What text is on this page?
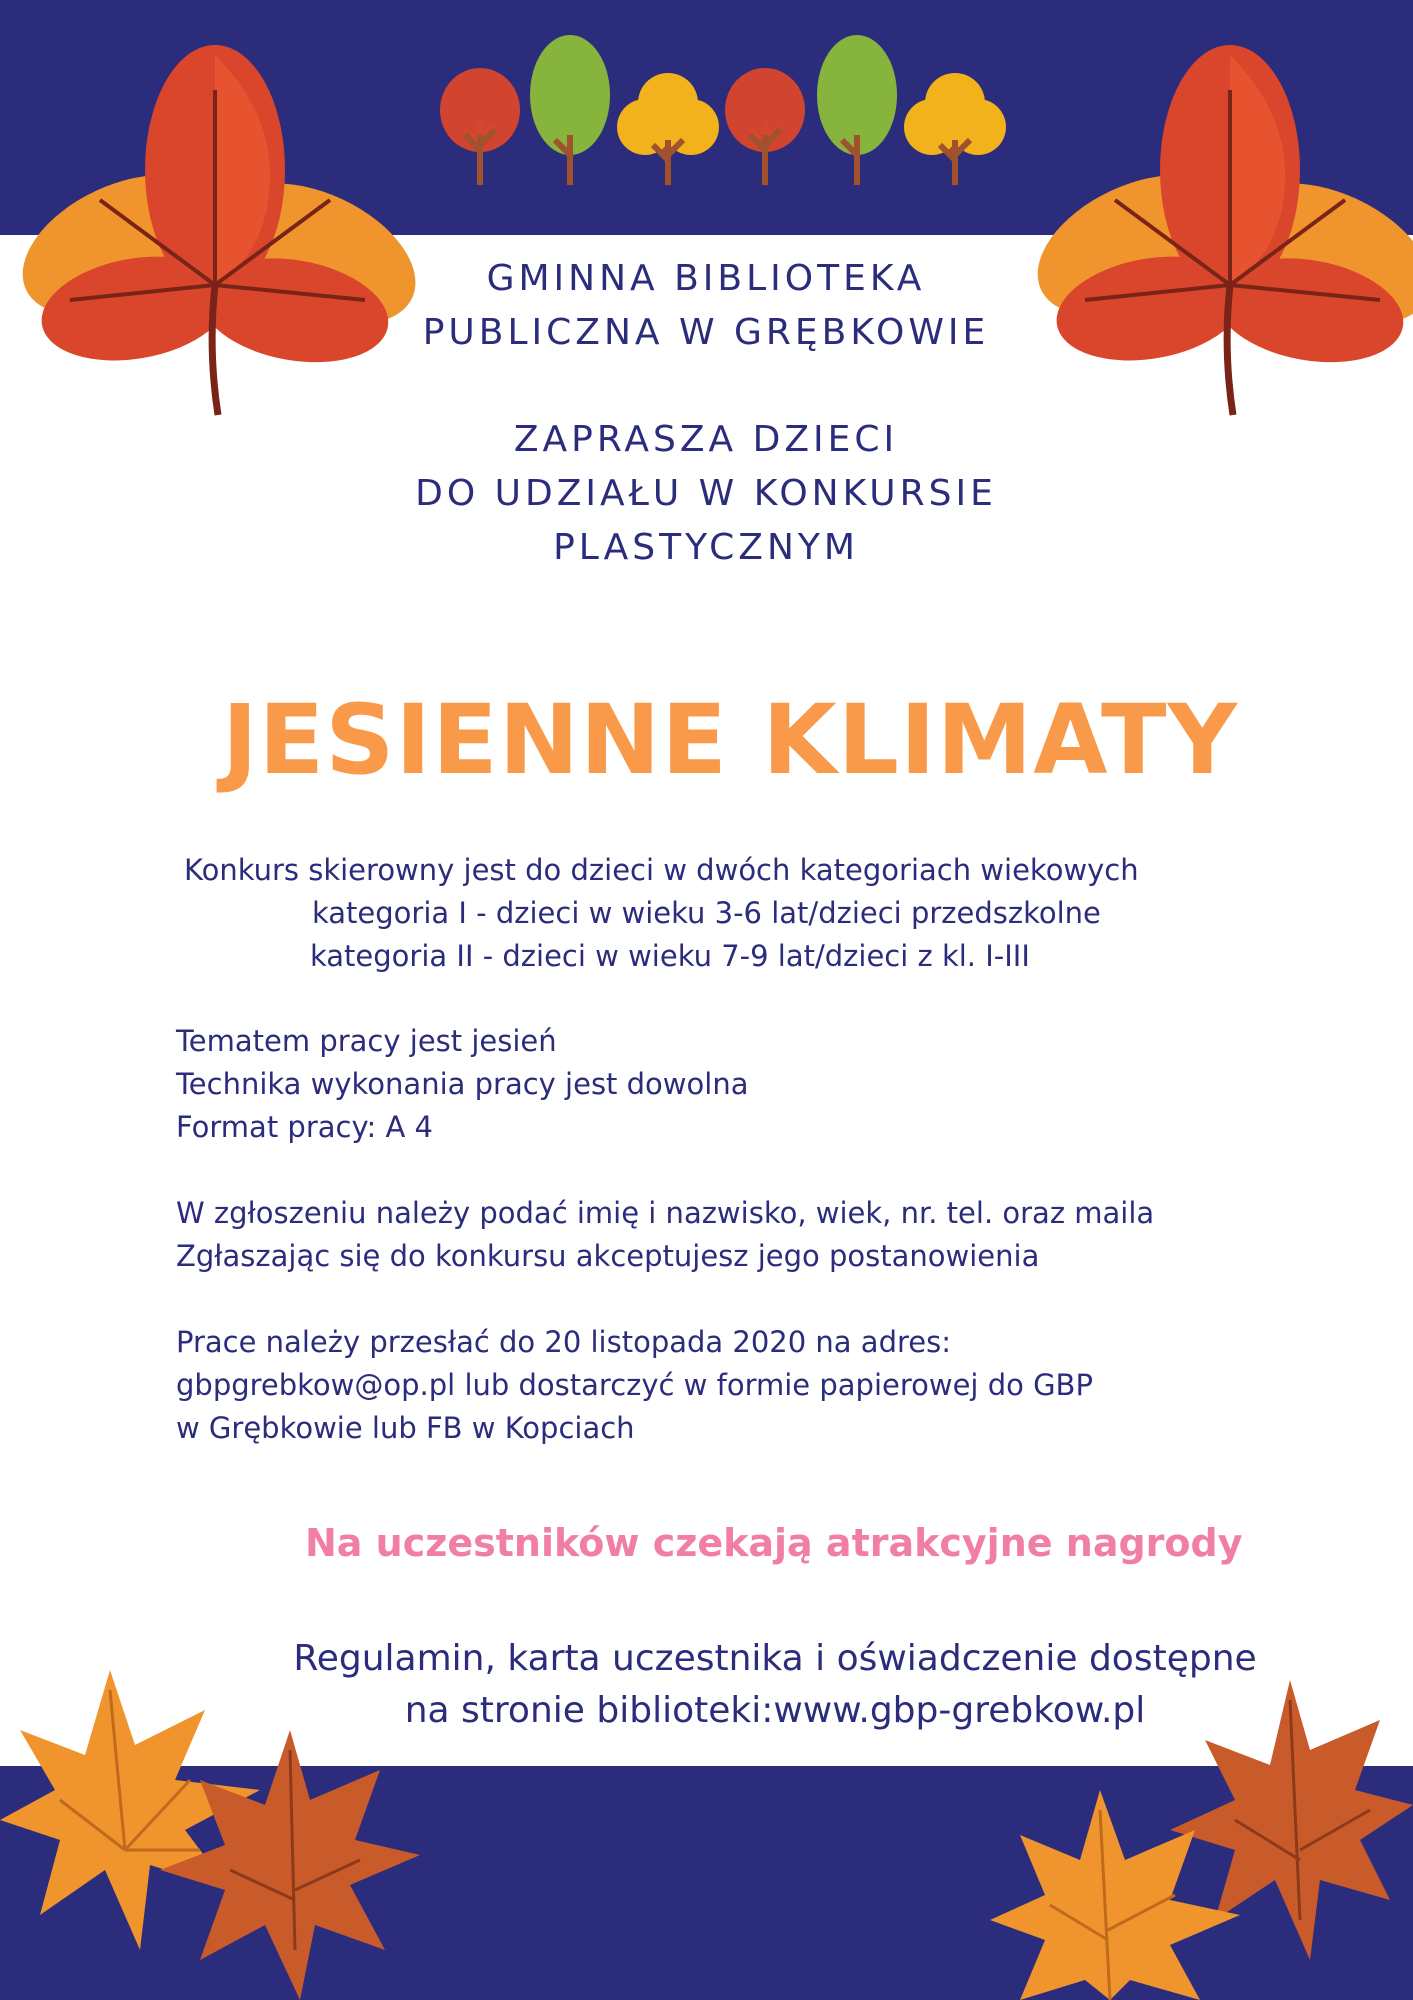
GMINNA BIBLIOTEKA

PUBLICZNA W GRĘBKOWIE

ZAPRASZA DZIECI

DO UDZIAŁU W KONKURSIE

PLASTYCZNYM

JESIENNE KLIMATY

Konkurs skierowny jest do dzieci w dwóch kategoriach wiekowych

kategoria I - dzieci w wieku 3-6 lat/dzieci przedszkolne

kategoria II - dzieci w wieku 7-9 lat/dzieci z kl. I-III

Tematem pracy jest jesień

Technika wykonania pracy jest dowolna

Format pracy: A 4

W zgłoszeniu należy podać imię i nazwisko, wiek, nr. tel. oraz maila

Zgłaszając się do konkursu akceptujesz jego postanowienia

Prace należy przesłać do 20 listopada 2020 na adres:

gbpgrebkow@op.pl lub dostarczyć w formie papierowej do GBP

w Grębkowie lub FB w Kopciach

Na uczestników czekają atrakcyjne nagrody

Regulamin, karta uczestnika i oświadczenie dostępne

na stronie biblioteki:www.gbp-grebkow.pl
